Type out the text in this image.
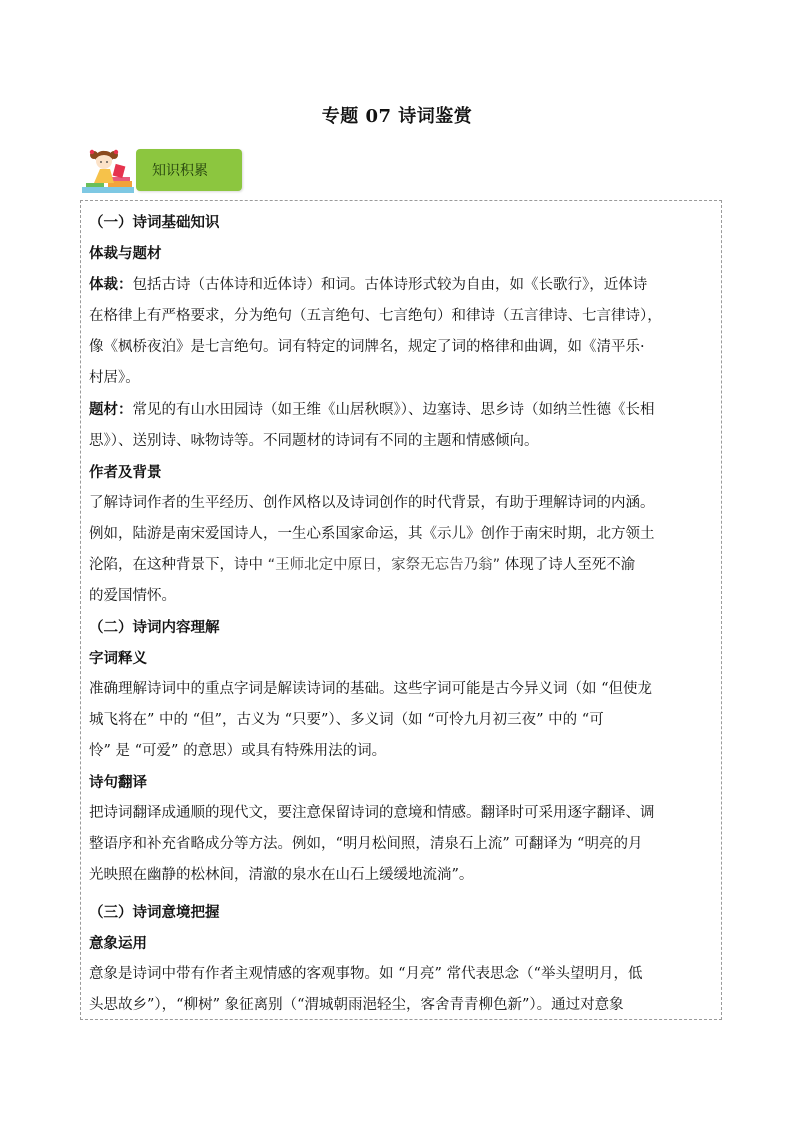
专题 07 诗词鉴赏
知识积累
（一）诗词基础知识
体裁与题材
体裁：包括古诗（古体诗和近体诗）和词。古体诗形式较为自由，如《长歌行》，近体诗
在格律上有严格要求，分为绝句（五言绝句、七言绝句）和律诗（五言律诗、七言律诗），
像《枫桥夜泊》是七言绝句。词有特定的词牌名，规定了词的格律和曲调，如《清平乐·
村居》。
题材：常见的有山水田园诗（如王维《山居秋暝》）、边塞诗、思乡诗（如纳兰性德《长相
思》）、送别诗、咏物诗等。不同题材的诗词有不同的主题和情感倾向。
作者及背景
了解诗词作者的生平经历、创作风格以及诗词创作的时代背景，有助于理解诗词的内涵。
例如，陆游是南宋爱国诗人，一生心系国家命运，其《示儿》创作于南宋时期，北方领土
沦陷，在这种背景下，诗中 “王师北定中原日，家祭无忘告乃翁” 体现了诗人至死不渝
的爱国情怀。
（二）诗词内容理解
字词释义
准确理解诗词中的重点字词是解读诗词的基础。这些字词可能是古今异义词（如 “但使龙
城飞将在” 中的 “但”，古义为 “只要”）、多义词（如 “可怜九月初三夜” 中的 “可
怜” 是 “可爱” 的意思）或具有特殊用法的词。
诗句翻译
把诗词翻译成通顺的现代文，要注意保留诗词的意境和情感。翻译时可采用逐字翻译、调
整语序和补充省略成分等方法。例如，“明月松间照，清泉石上流” 可翻译为 “明亮的月
光映照在幽静的松林间，清澈的泉水在山石上缓缓地流淌”。
（三）诗词意境把握
意象运用
意象是诗词中带有作者主观情感的客观事物。如 “月亮” 常代表思念（“举头望明月，低
头思故乡”），“柳树” 象征离别（“渭城朝雨浥轻尘，客舍青青柳色新”）。通过对意象
